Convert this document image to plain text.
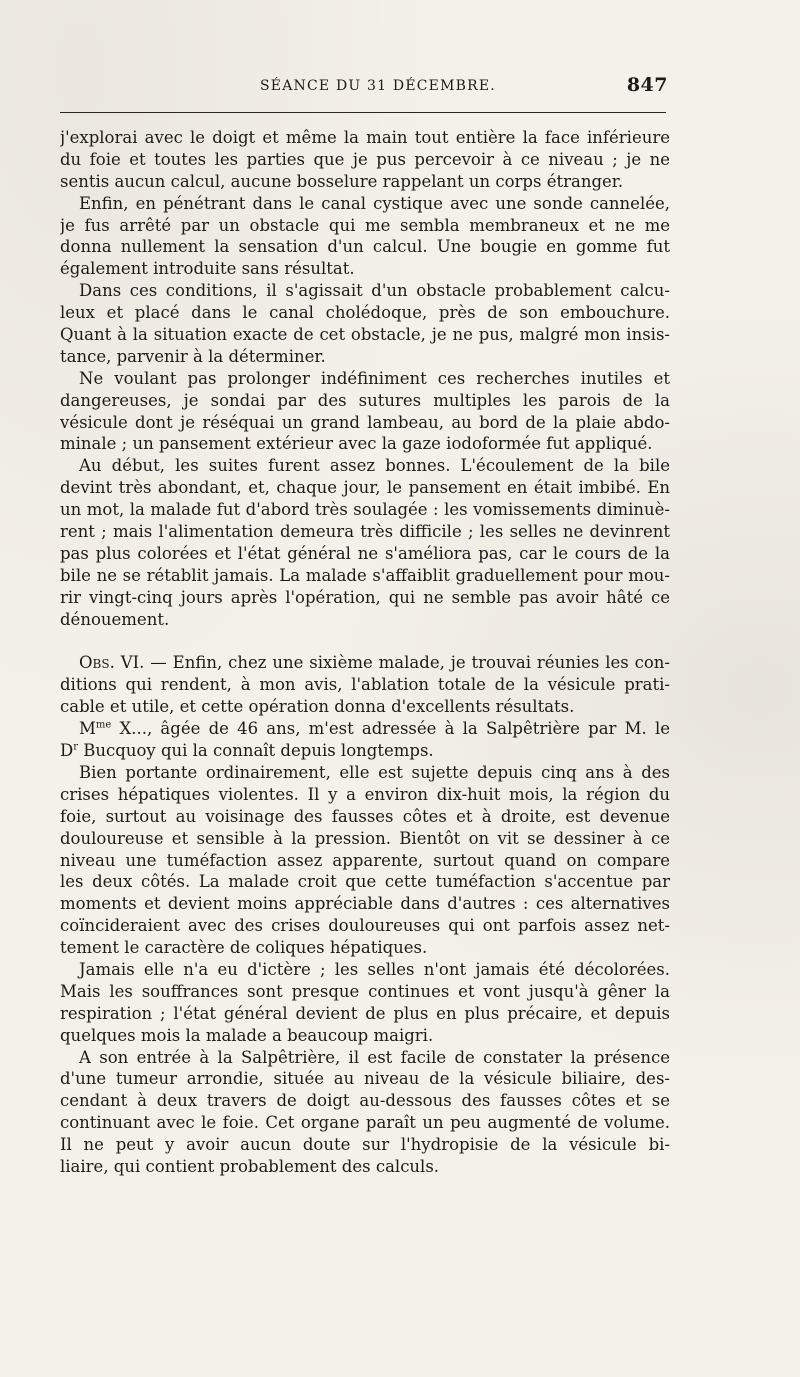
SÉANCE DU 31 DÉCEMBRE.	847
j'explorai avec le doigt et même la main tout entière la face inférieure
du foie et toutes les parties que je pus percevoir à ce niveau ; je ne
sentis aucun calcul, aucune bosselure rappelant un corps étranger.
Enfin, en pénétrant dans le canal cystique avec une sonde cannelée,
je fus arrêté par un obstacle qui me sembla membraneux et ne me
donna nullement la sensation d'un calcul. Une bougie en gomme fut
également introduite sans résultat.
Dans ces conditions, il s'agissait d'un obstacle probablement calcu-
leux et placé dans le canal cholédoque, près de son embouchure.
Quant à la situation exacte de cet obstacle, je ne pus, malgré mon insis-
tance, parvenir à la déterminer.
Ne voulant pas prolonger indéfiniment ces recherches inutiles et
dangereuses, je sondai par des sutures multiples les parois de la
vésicule dont je réséquai un grand lambeau, au bord de la plaie abdo-
minale ; un pansement extérieur avec la gaze iodoformée fut appliqué.
Au début, les suites furent assez bonnes. L'écoulement de la bile
devint très abondant, et, chaque jour, le pansement en était imbibé. En
un mot, la malade fut d'abord très soulagée : les vomissements diminuè-
rent ; mais l'alimentation demeura très difficile ; les selles ne devinrent
pas plus colorées et l'état général ne s'améliora pas, car le cours de la
bile ne se rétablit jamais. La malade s'affaiblit graduellement pour mou-
rir vingt-cinq jours après l'opération, qui ne semble pas avoir hâté ce
dénouement.
Obs. VI. — Enfin, chez une sixième malade, je trouvai réunies les con-
ditions qui rendent, à mon avis, l'ablation totale de la vésicule prati-
cable et utile, et cette opération donna d'excellents résultats.
$M^{me}$ X..., âgée de 46 ans, m'est adressée à la Salpêtrière par M. le
$D^r$ Bucquoy qui la connaît depuis longtemps.
Bien portante ordinairement, elle est sujette depuis cinq ans à des
crises hépatiques violentes. Il y a environ dix-huit mois, la région du
foie, surtout au voisinage des fausses côtes et à droite, est devenue
douloureuse et sensible à la pression. Bientôt on vit se dessiner à ce
niveau une tuméfaction assez apparente, surtout quand on compare
les deux côtés. La malade croit que cette tuméfaction s'accentue par
moments et devient moins appréciable dans d'autres : ces alternatives
coïncideraient avec des crises douloureuses qui ont parfois assez net-
tement le caractère de coliques hépatiques.
Jamais elle n'a eu d'ictère ; les selles n'ont jamais été décolorées.
Mais les souffrances sont presque continues et vont jusqu'à gêner la
respiration ; l'état général devient de plus en plus précaire, et depuis
quelques mois la malade a beaucoup maigri.
A son entrée à la Salpêtrière, il est facile de constater la présence
d'une tumeur arrondie, située au niveau de la vésicule biliaire, des-
cendant à deux travers de doigt au-dessous des fausses côtes et se
continuant avec le foie. Cet organe paraît un peu augmenté de volume.
Il ne peut y avoir aucun doute sur l'hydropisie de la vésicule bi-
liaire, qui contient probablement des calculs.
